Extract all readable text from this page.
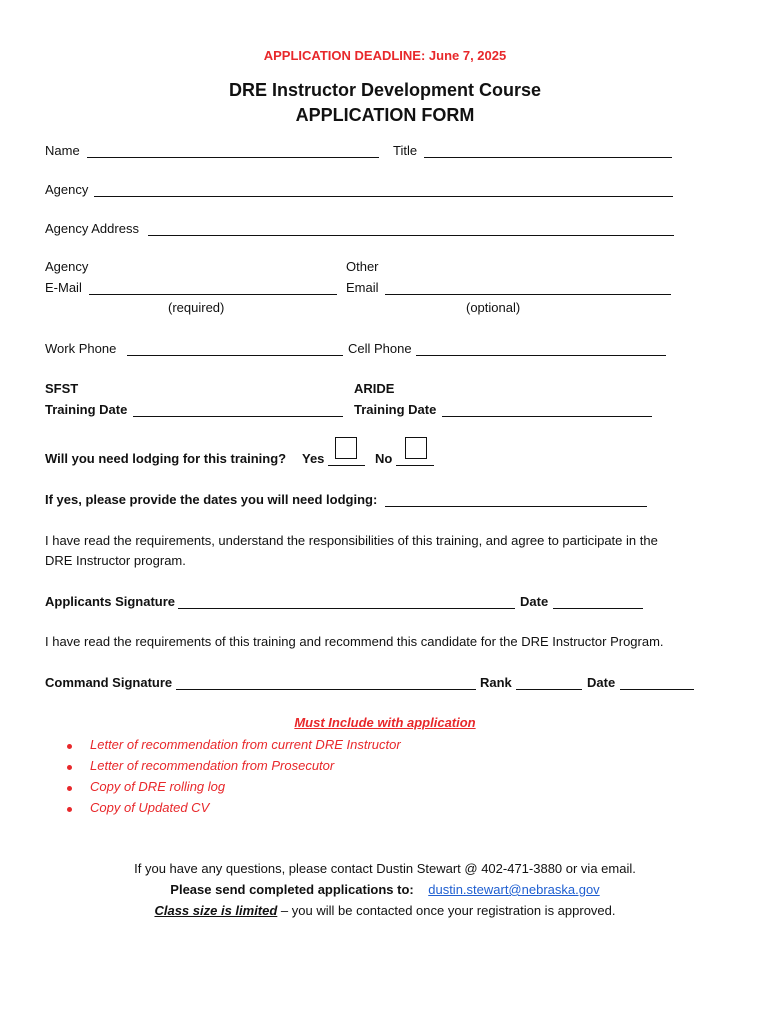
APPLICATION DEADLINE: June 7, 2025
DRE Instructor Development Course
APPLICATION FORM
Name	Title
Agency
Agency Address
Agency
E-Mail
(required)
Other
Email
(optional)
Work Phone	Cell Phone
SFST
Training Date
ARIDE
Training Date
Will you need lodging for this training? Yes	No
If yes, please provide the dates you will need lodging:
I have read the requirements, understand the responsibilities of this training, and agree to participate in the
DRE Instructor program.
Applicants Signature	Date
I have read the requirements of this training and recommend this candidate for the DRE Instructor Program.
Command Signature	Rank	Date
Must Include with application
Letter of recommendation from current DRE Instructor
Letter of recommendation from Prosecutor
Copy of DRE rolling log
Copy of Updated CV
If you have any questions, please contact Dustin Stewart @ 402-471-3880 or via email.
Please send completed applications to: dustin.stewart@nebraska.gov
Class size is limited – you will be contacted once your registration is approved.
